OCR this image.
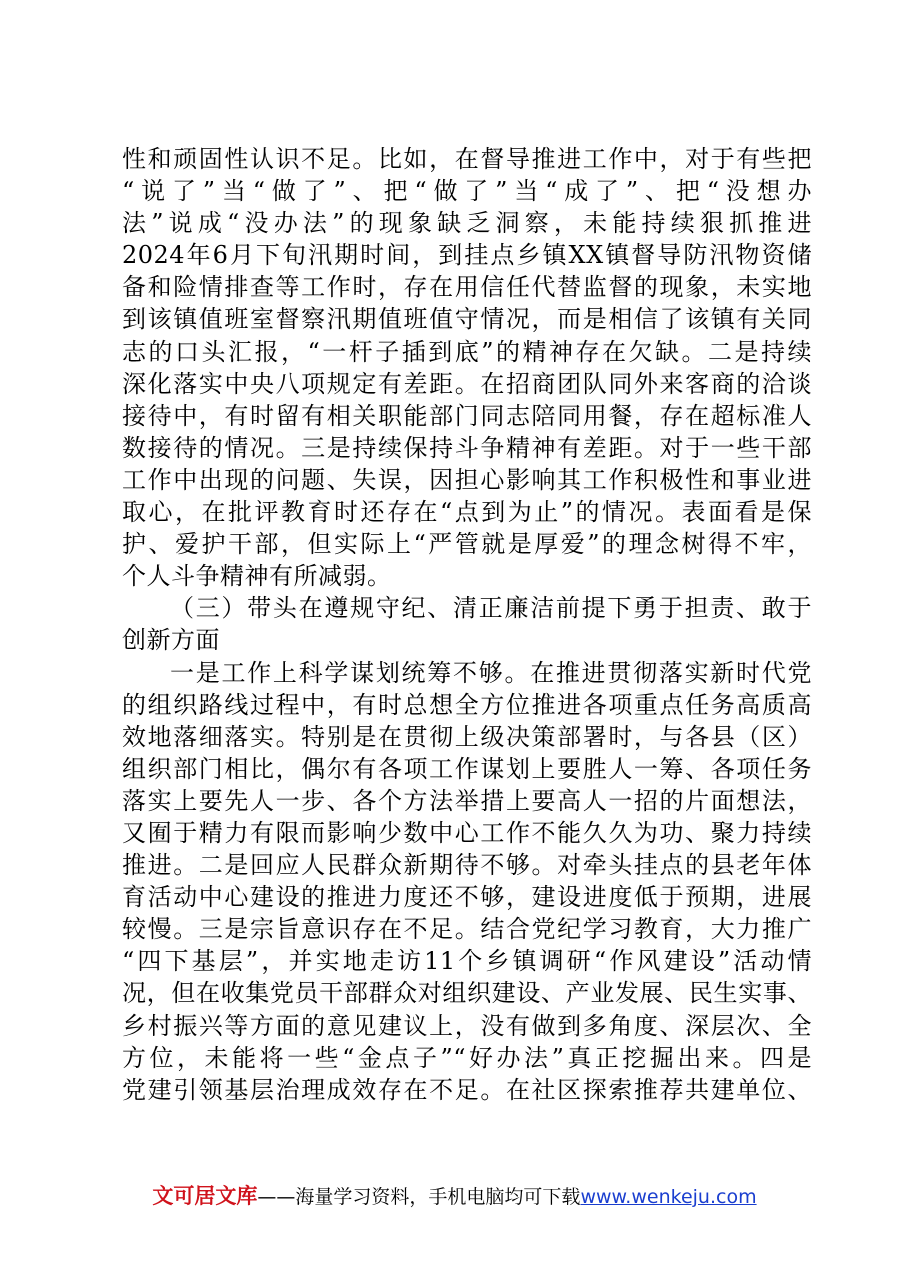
性和顽固性认识不足。比如，在督导推进工作中，对于有些把
“说了”当“做了”、把“做了”当“成了”、把“没想办
法”说成“没办法”的现象缺乏洞察，未能持续狠抓推进
2024年6月下旬汛期时间，到挂点乡镇XX镇督导防汛物资储
备和险情排查等工作时，存在用信任代替监督的现象，未实地
到该镇值班室督察汛期值班值守情况，而是相信了该镇有关同
志的口头汇报，“一杆子插到底”的精神存在欠缺。二是持续
深化落实中央八项规定有差距。在招商团队同外来客商的洽谈
接待中，有时留有相关职能部门同志陪同用餐，存在超标准人
数接待的情况。三是持续保持斗争精神有差距。对于一些干部
工作中出现的问题、失误，因担心影响其工作积极性和事业进
取心，在批评教育时还存在“点到为止”的情况。表面看是保
护、爱护干部，但实际上“严管就是厚爱”的理念树得不牢，
个人斗争精神有所减弱。
（三）带头在遵规守纪、清正廉洁前提下勇于担责、敢于
创新方面
一是工作上科学谋划统筹不够。在推进贯彻落实新时代党
的组织路线过程中，有时总想全方位推进各项重点任务高质高
效地落细落实。特别是在贯彻上级决策部署时，与各县（区）
组织部门相比，偶尔有各项工作谋划上要胜人一筹、各项任务
落实上要先人一步、各个方法举措上要高人一招的片面想法，
又囿于精力有限而影响少数中心工作不能久久为功、聚力持续
推进。二是回应人民群众新期待不够。对牵头挂点的县老年体
育活动中心建设的推进力度还不够，建设进度低于预期，进展
较慢。三是宗旨意识存在不足。结合党纪学习教育，大力推广
“四下基层”，并实地走访11个乡镇调研“作风建设”活动情
况，但在收集党员干部群众对组织建设、产业发展、民生实事、
乡村振兴等方面的意见建议上，没有做到多角度、深层次、全
方位，未能将一些“金点子”“好办法”真正挖掘出来。四是
党建引领基层治理成效存在不足。在社区探索推荐共建单位、
文可居文库——海量学习资料，手机电脑均可下载www.wenkeju.com
